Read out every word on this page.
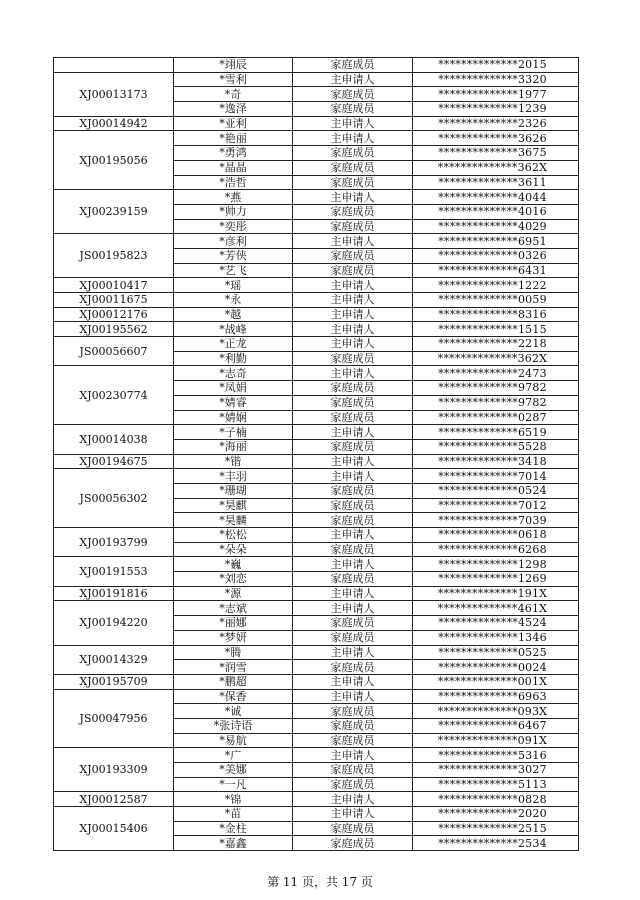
	*翊辰	家庭成员	**************2015
XJ00013173	*雪利	主申请人	**************3320
	*奇	家庭成员	**************1977
	*逸泽	家庭成员	**************1239
XJ00014942	*亚利	主申请人	**************2326
XJ00195056	*艳丽	主申请人	**************3626
	*勇鸿	家庭成员	**************3675
	*晶晶	家庭成员	**************362X
	*浩哲	家庭成员	**************3611
XJ00239159	*燕	主申请人	**************4044
	*帅力	家庭成员	**************4016
	*奕彤	家庭成员	**************4029
JS00195823	*彦利	主申请人	**************6951
	*芳侠	家庭成员	**************0326
	*艺飞	家庭成员	**************6431
XJ00010417	*瑶	主申请人	**************1222
XJ00011675	*永	主申请人	**************0059
XJ00012176	*越	主申请人	**************8316
XJ00195562	*战峰	主申请人	**************1515
JS00056607	*正龙	主申请人	**************2218
	*利勤	家庭成员	**************362X
XJ00230774	*志奇	主申请人	**************2473
	*凤娟	家庭成员	**************9782
	*婧睿	家庭成员	**************9782
	*婧娴	家庭成员	**************0287
XJ00014038	*子楠	主申请人	**************6519
	*海丽	家庭成员	**************5528
XJ00194675	*锴	主申请人	**************3418
JS00056302	*丰羽	主申请人	**************7014
	*珊瑚	家庭成员	**************0524
	*昊麒	家庭成员	**************7012
	*昊麟	家庭成员	**************7039
XJ00193799	*松松	主申请人	**************0618
	*朵朵	家庭成员	**************6268
XJ00191553	*巍	主申请人	**************1298
	*刘恋	家庭成员	**************1269
XJ00191816	*源	主申请人	**************191X
XJ00194220	*志斌	主申请人	**************461X
	*丽娜	家庭成员	**************4524
	*梦妍	家庭成员	**************1346
XJ00014329	*腾	主申请人	**************0525
	*润雪	家庭成员	**************0024
XJ00195709	*鹏超	主申请人	**************001X
JS00047956	*保香	主申请人	**************6963
	*诚	家庭成员	**************093X
	*张诗语	家庭成员	**************6467
	*易航	家庭成员	**************091X
XJ00193309	*广	主申请人	**************5316
	*美娜	家庭成员	**************3027
	*一凡	家庭成员	**************5113
XJ00012587	*锦	主申请人	**************0828
XJ00015406	*苗	主申请人	**************2020
	*金柱	家庭成员	**************2515
	*嘉鑫	家庭成员	**************2534
第 11 页，共 17 页
